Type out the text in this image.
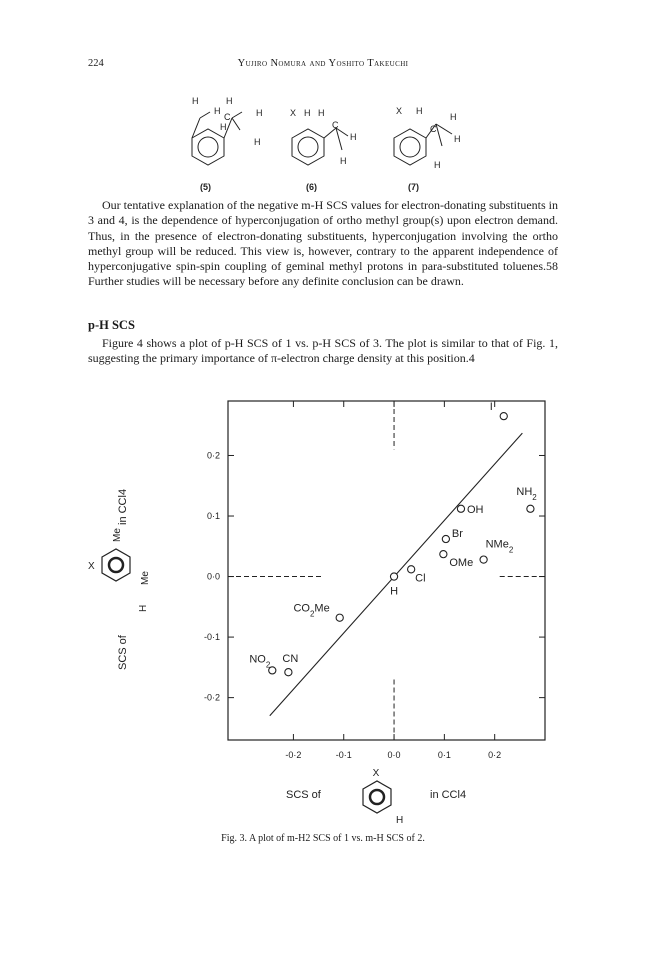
224	Yujiro Nomura and Yoshito Takeuchi
H	H
C
H	H
H
H
X H H
C
H
H
X H
H
C
H
H
(5)	(6)	(7)
Our tentative explanation of the negative m-H SCS values for electron-donating substituents in 3 and 4, is the dependence of hyperconjugation of ortho methyl group(s) upon electron demand. Thus, in the presence of electron-donating substituents, hyperconjugation involving the ortho methyl group will be reduced. This view is, however, contrary to the apparent independence of hyperconjugative spin-spin coupling of geminal methyl protons in para-substituted toluenes.58 Further studies will be necessary before any definite conclusion can be drawn.
p-H SCS
Figure 4 shows a plot of p-H SCS of 1 vs. p-H SCS of 3. The plot is similar to that of Fig. 1, suggesting the primary importance of π-electron charge density at this position.4
-0·2	-0·1	0·0	0·1	0·2
0·2
0·1
0·0
-0·1
-0·2
I
$NH_2$
OH
Br
OMe
NMe$_2$
Cl
H
$CO_2Me$
$NO_2$ CN
SCS of
in CCl4
X
Me
Me
H
SCS of	in CCl4
X
H
Fig. 3. A plot of m-H2 SCS of 1 vs. m-H SCS of 2.
